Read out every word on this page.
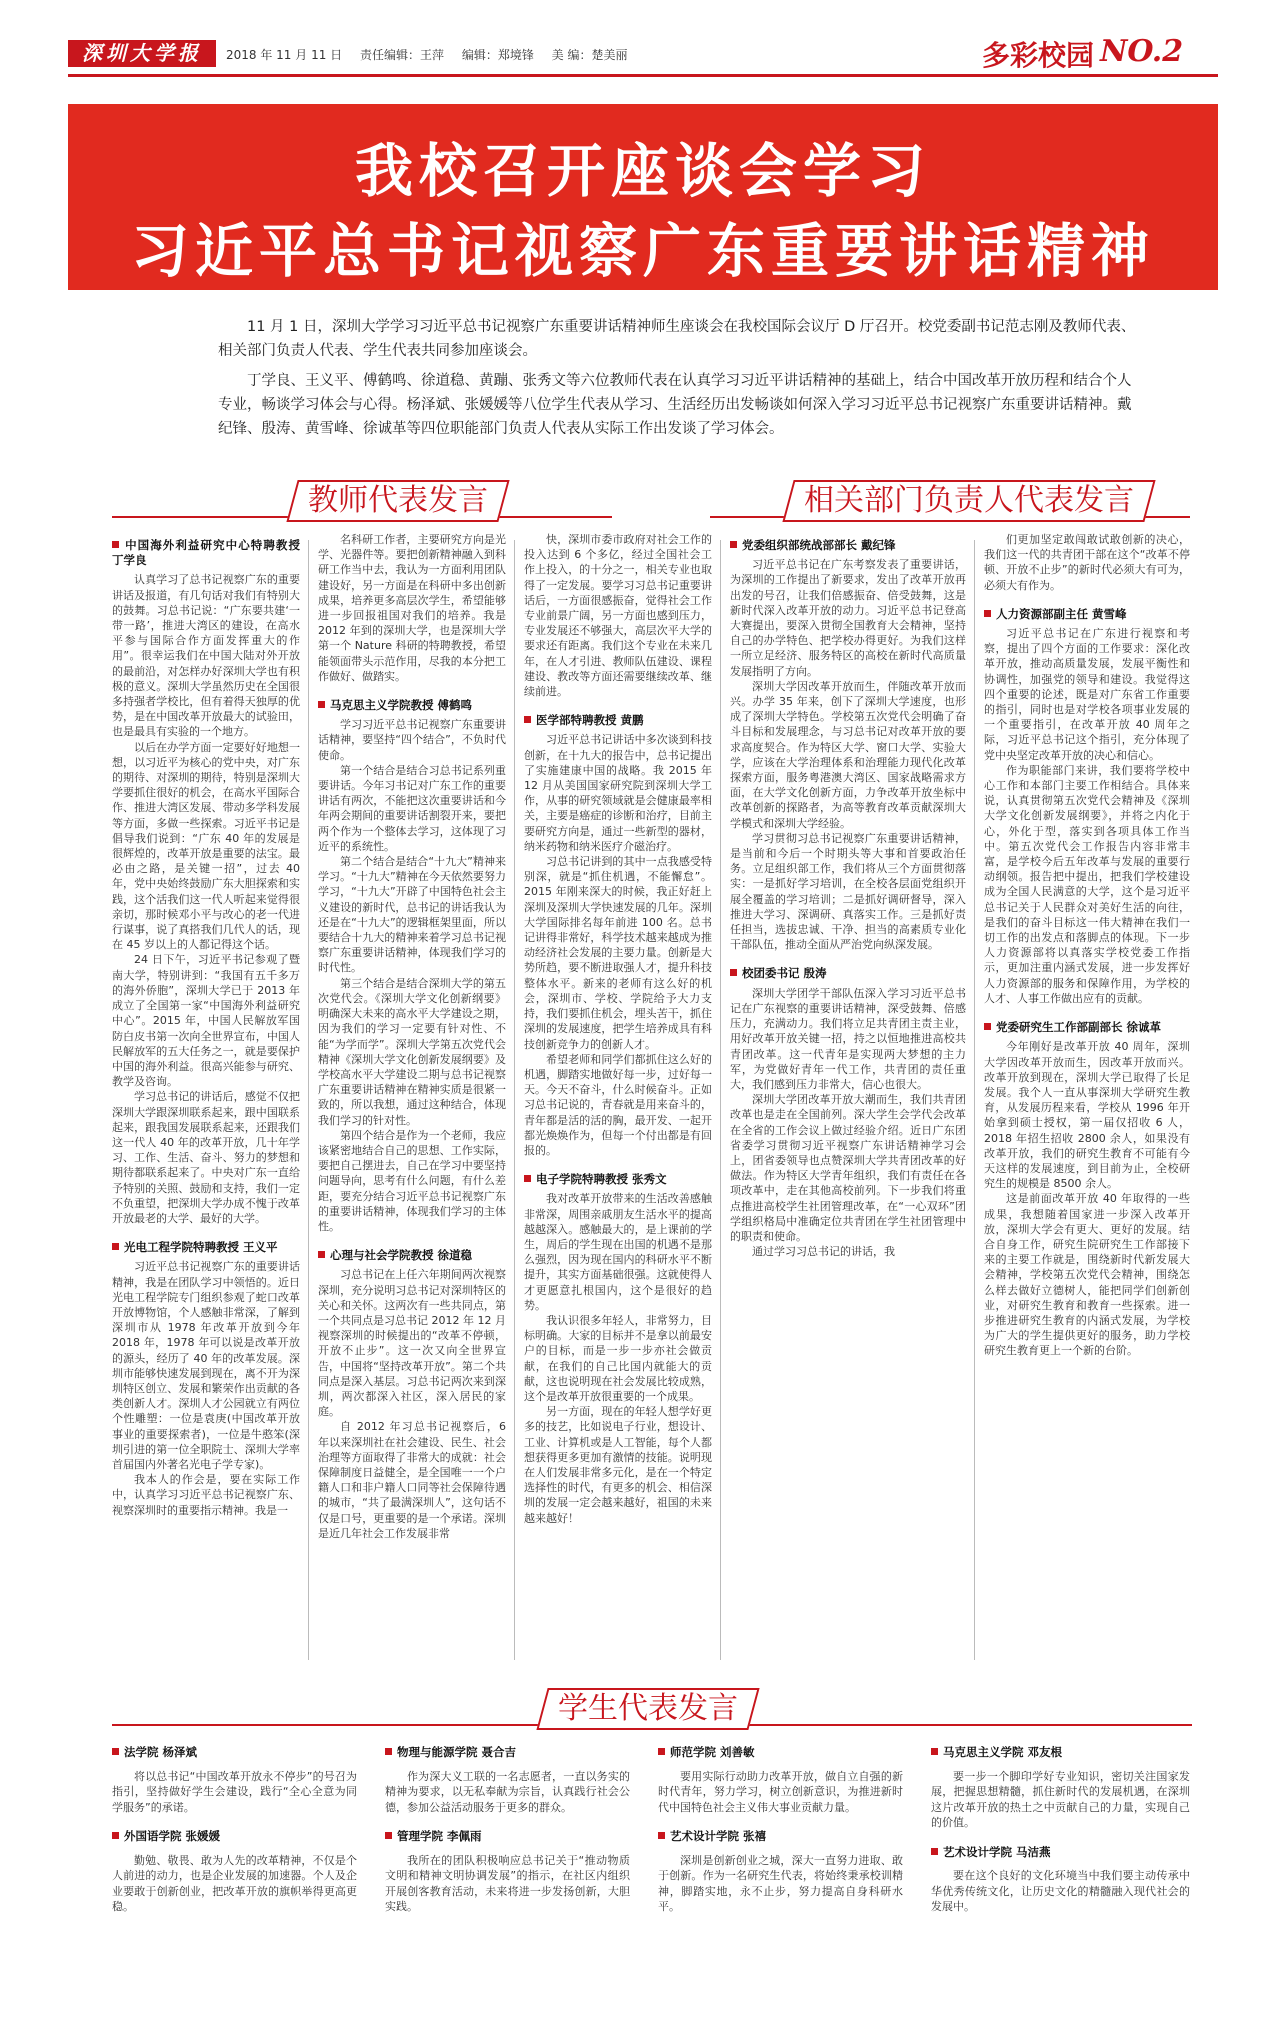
深圳大学报	2018 年 11 月 11 日 责任编辑：王萍 编辑：郑境锋 美 编：楚美丽	多彩校园 NO.2
我校召开座谈会学习
习近平总书记视察广东重要讲话精神

11 月 1 日，深圳大学学习习近平总书记视察广东重要讲话精神师生座谈会在我校国际会议厅 D 厅召开。校党委副书记范志刚及教师代表、相关部门负责人代表、学生代表共同参加座谈会。

丁学良、王义平、傅鹤鸣、徐道稳、黄蹦、张秀文等六位教师代表在认真学习习近平讲话精神的基础上，结合中国改革开放历程和结合个人专业，畅谈学习体会与心得。杨泽斌、张媛媛等八位学生代表从学习、生活经历出发畅谈如何深入学习习近平总书记视察广东重要讲话精神。戴纪锋、殷涛、黄雪峰、徐诚革等四位职能部门负责人代表从实际工作出发谈了学习体会。

教师代表发言	相关部门负责人代表发言
中国海外利益研究中心特聘教授 丁学良

认真学习了总书记视察广东的重要讲话及报道，有几句话对我们有特别大的鼓舞。习总书记说：“广东要共建‘一带一路’，推进大湾区的建设，在高水平参与国际合作方面发挥重大的作用”。很幸运我们在中国大陆对外开放的最前沿，对怎样办好深圳大学也有积极的意义。深圳大学虽然历史在全国很多持强者学校比，但有着得天独厚的优势，是在中国改革开放最大的试验田，也是最具有实验的一个地方。

以后在办学方面一定要好好地想一想，以习近平为核心的党中央，对广东的期待、对深圳的期待，特别是深圳大学要抓住很好的机会，在高水平国际合作、推进大湾区发展、带动多学科发展等方面，多做一些探索。习近平书记是倡导我们说到：“广东 40 年的发展是很辉煌的，改革开放是重要的法宝。最必由之路，是关键一招”，过去 40 年，党中央始终鼓励广东大胆探索和实践，这个活我们这一代人听起来觉得很亲切，那时候邓小平与改心的老一代进行谋事，说了真搭我们几代人的话，现在 45 岁以上的人都记得这个话。

24 日下午，习近平书记参观了暨南大学，特别讲到：“我国有五千多万的海外侨胞”，深圳大学已于 2013 年成立了全国第一家“中国海外利益研究中心”。2015 年，中国人民解放军国防白皮书第一次向全世界宣布，中国人民解放军的五大任务之一，就是要保护中国的海外利益。很高兴能参与研究、教学及咨询。

学习总书记的讲话后，感觉不仅把深圳大学跟深圳联系起来，跟中国联系起来，跟我国发展联系起来，还跟我们这一代人 40 年的改革开放，几十年学习、工作、生活、奋斗、努力的梦想和期待都联系起来了。中央对广东一直给予特别的关照、鼓励和支持，我们一定不负重望，把深圳大学办成不愧于改革开放最老的大学、最好的大学。

光电工程学院特聘教授 王义平

习近平总书记视察广东的重要讲话精神，我是在团队学习中领悟的。近日光电工程学院专门组织参观了蛇口改革开放博物馆，个人感触非常深，了解到深圳市从 1978 年改革开放到今年 2018 年，1978 年可以说是改革开放的源头，经历了 40 年的改革发展。深圳市能够快速发展到现在，离不开为深圳特区创立、发展和繁荣作出贡献的各类创新人才。深圳人才公园就立有两位个性雕塑：一位是袁庚(中国改革开放事业的重要探索者)，一位是牛憨笨(深圳引进的第一位全职院士、深圳大学率首届国内外著名光电子学专家)。

我本人的作会是，要在实际工作中，认真学习习近平总书记视察广东、视察深圳时的重要指示精神。我是一

名科研工作者，主要研究方向是光学、光器件等。要把创新精神融入到科研工作当中去，我认为一方面利用团队建设好，另一方面是在科研中多出创新成果，培养更多高层次学生，希望能够进一步回报祖国对我们的培养。我是 2012 年到的深圳大学，也是深圳大学第一个 Nature 科研的特聘教授，希望能领面带头示范作用，尽我的本分把工作做好、做踏实。

马克思主义学院教授 傅鹤鸣

学习习近平总书记视察广东重要讲话精神，要坚持“四个结合”，不负时代使命。

第一个结合是结合习总书记系列重要讲话。今年习书记对广东工作的重要讲话有两次，不能把这次重要讲话和今年两会期间的重要讲话割裂开来，要把两个作为一个整体去学习，这体现了习近平的系统性。

第二个结合是结合“十九大”精神来学习。“十九大”精神在今天依然要努力学习，“十九大”开辟了中国特色社会主义建设的新时代，总书记的讲话我认为还是在“十九大”的逻辑框架里面，所以要结合十九大的精神来着学习总书记视察广东重要讲话精神，体现我们学习的时代性。

第三个结合是结合深圳大学的第五次党代会。《深圳大学文化创新纲要》明确深大未来的高水平大学建设之期，因为我们的学习一定要有针对性、不能“为学而学”。深圳大学第五次党代会精神《深圳大学文化创新发展纲要》及学校高水平大学建设二期与总书记视察广东重要讲话精神在精神实质是很紧一致的，所以我想，通过这种结合，体现我们学习的针对性。

第四个结合是作为一个老师，我应该紧密地结合自己的思想、工作实际，要把自己摆进去，自己在学习中要坚持问题导向，思考有什么问题，有什么差距，要充分结合习近平总书记视察广东的重要讲话精神，体现我们学习的主体性。

心理与社会学院教授 徐道稳

习总书记在上任六年期间两次视察深圳，充分说明习总书记对深圳特区的关心和关怀。这两次有一些共同点，第一个共同点是习总书记 2012 年 12 月视察深圳的时候提出的“改革不停顿，开放不止步”。这一次又向全世界宣告，中国将“坚持改革开放”。第二个共同点是深入基层。习总书记两次来到深圳，两次都深入社区，深入居民的家庭。

自 2012 年习总书记视察后，6 年以来深圳社在社会建设、民生、社会治理等方面取得了非常大的成就：社会保障制度日益健全，是全国唯一一个户籍人口和非户籍人口同等社会保障待遇的城市，“共了最满深圳人”，这句话不仅是口号，更重要的是一个承诺。深圳是近几年社会工作发展非常

快，深圳市委市政府对社会工作的投入达到 6 个多亿，经过全国社会工作上投入，的十分之一，相关专业也取得了一定发展。要学习习总书记重要讲话后，一方面很感振奋，觉得社会工作专业前景广阔，另一方面也感到压力，专业发展还不够强大，高层次平大学的要求还有距离。我们这个专业在未来几年，在人才引进、教师队伍建设、课程建设、教改等方面还需要继续改革、继续前进。

医学部特聘教授 黄鹏

习近平总书记讲话中多次谈到科技创新，在十九大的报告中，总书记提出了实施建康中国的战略。我 2015 年 12 月从美国国家研究院到深圳大学工作，从事的研究领域就是会健康最率相关，主要是癌症的诊断和治疗，目前主要研究方向是，通过一些新型的器材，纳米药物和纳米医疗介磁治疗。

习总书记讲到的其中一点我感受特别深，就是“抓住机遇，不能懈怠”。2015 年刚来深大的时候，我正好赶上深圳及深圳大学快速发展的几年。深圳大学国际排名每年前进 100 名。总书记讲得非常好，科学技术越来越成为推动经济社会发展的主要力量。创新是大势所趋，要不断进取强人才，提升科技整体水平。新来的老师有这么好的机会，深圳市、学校、学院给予大力支持，我们要抓住机会，埋头苦干，抓住深圳的发展速度，把学生培养成具有科技创新竞争力的创新人才。

希望老师和同学们都抓住这么好的机遇，脚踏实地做好每一步，过好每一天。今天不奋斗，什么时候奋斗。正如习总书记说的，青春就是用来奋斗的，青年都是活的活的胸，最开发、一起开都光焕焕作为，但每一个付出都是有回报的。

电子学院特聘教授 张秀文

我对改革开放带来的生活改善感触非常深，周围亲戚朋友生活水平的提高越越深入。感触最大的，是上课前的学生，周后的学生现在出国的机遇不是那么强烈，因为现在国内的科研水平不断提升，其实方面基础很强。这就使得人才更愿意扎根国内，这个是很好的趋势。

我认识很多年轻人，非常努力，目标明确。大家的目标并不是拿以前最安户的目标，而是一步一步亦社会做贡献，在我们的自己比国内就能大的贡献，这也说明现在社会发展比较成熟，这个是改革开放很重要的一个成果。

另一方面，现在的年轻人想学好更多的技艺，比如说电子行业，想设计、工业、计算机或是人工智能，每个人都想获得更多更加有激情的技能。说明现在人们发展非常多元化，是在一个特定选择性的时代，有更多的机会、相信深圳的发展一定会越来越好，祖国的未来越来越好！

党委组织部统战部部长 戴纪锋

习近平总书记在广东考察发表了重要讲话，为深圳的工作提出了新要求，发出了改革开放再出发的号召，让我们倍感振奋、倍受鼓舞，这是新时代深入改革开放的动力。习近平总书记登高大赛提出，要深入贯彻全国教育大会精神，坚持自己的办学特色、把学校办得更好。为我们这样一所立足经济、服务特区的高校在新时代高质量发展指明了方向。

深圳大学因改革开放而生，伴随改革开放而兴。办学 35 年来，创下了深圳大学速度，也形成了深圳大学特色。学校第五次党代会明确了奋斗目标和发展理念，与习总书记对改革开放的要求高度契合。作为特区大学、窗口大学、实验大学，应该在大学治理体系和治理能力现代化改革探索方面，服务粤港澳大湾区、国家战略需求方面，在大学文化创新方面，力争改革开放坐标中改革创新的探路者，为高等教育改革贡献深圳大学模式和深圳大学经验。

学习贯彻习总书记视察广东重要讲话精神，是当前和今后一个时期头等大事和首要政治任务。立足组织部工作，我们将从三个方面贯彻落实：一是抓好学习培训，在全校各层面党组织开展全覆盖的学习培训；二是抓好调研督导，深入推进大学习、深调研、真落实工作。三是抓好责任担当，选拔忠诚、干净、担当的高素质专业化干部队伍，推动全面从严治党向纵深发展。

校团委书记 殷涛

深圳大学团学干部队伍深入学习习近平总书记在广东视察的重要讲话精神，深受鼓舞、倍感压力，充满动力。我们将立足共青团主责主业，用好改革开放关键一招，持之以恒地推进高校共青团改革。这一代青年是实现两大梦想的主力军，为党做好青年一代工作，共青团的责任重大，我们感到压力非常大，信心也很大。

深圳大学团改革开放大潮而生，我们共青团改革也是走在全国前列。深大学生会学代会改革在全省的工作会议上做过经验介绍。近日广东团省委学习贯彻习近平视察广东讲话精神学习会上，团省委领导也点赞深圳大学共青团改革的好做法。作为特区大学青年组织，我们有责任在各项改革中，走在其他高校前列。下一步我们将重点推进高校学生社团管理改革，在“一心双环”团学组织格局中准确定位共青团在学生社团管理中的职责和使命。

通过学习习总书记的讲话，我

们更加坚定敢闯敢试敢创新的决心，我们这一代的共青团干部在这个“改革不停顿、开放不止步”的新时代必须大有可为，必须大有作为。

人力资源部副主任 黄雪峰

习近平总书记在广东进行视察和考察，提出了四个方面的工作要求：深化改革开放，推动高质量发展，发展平衡性和协调性，加强党的领导和建设。我觉得这四个重要的论述，既是对广东省工作重要的指引，同时也是对学校各项事业发展的一个重要指引，在改革开放 40 周年之际，习近平总书记这个指引，充分体现了党中央坚定改革开放的决心和信心。

作为职能部门来讲，我们要将学校中心工作和本部门主要工作相结合。具体来说，认真贯彻第五次党代会精神及《深圳大学文化创新发展纲要》，并将之内化于心，外化于型，落实到各项具体工作当中。第五次党代会工作报告内容非常丰富，是学校今后五年改革与发展的重要行动纲领。报告把中提出，把我们学校建设成为全国人民满意的大学，这个是习近平总书记关于人民群众对美好生活的向往，是我们的奋斗目标这一伟大精神在我们一切工作的出发点和落脚点的体现。下一步人力资源部将以真落实学校党委工作指示，更加注重内涵式发展，进一步发挥好人力资源部的服务和保障作用，为学校的人才、人事工作做出应有的贡献。

党委研究生工作部副部长 徐诚革

今年刚好是改革开放 40 周年，深圳大学因改革开放而生，因改革开放而兴。改革开放到现在，深圳大学已取得了长足发展。我个人一直从事深圳大学研究生教育，从发展历程来看，学校从 1996 年开始拿到硕士授权，第一届仅招收 6 人，2018 年招生招收 2800 余人，如果没有改革开放，我们的研究生教育不可能有今天这样的发展速度，到目前为止，全校研究生的规模是 8500 余人。

这是前面改革开放 40 年取得的一些成果，我想随着国家进一步深入改革开放，深圳大学会有更大、更好的发展。结合自身工作，研究生院研究生工作部接下来的主要工作就是，围绕新时代新发展大会精神，学校第五次党代会精神，围绕怎么样去做好立德树人，能把同学们创新创业，对研究生教育和教育一些探索。进一步推进研究生教育的内涵式发展，为学校为广大的学生提供更好的服务，助力学校研究生教育更上一个新的台阶。

学生代表发言
法学院 杨泽斌

将以总书记“中国改革开放永不停步”的号召为指引，坚持做好学生会建设，践行“全心全意为同学服务”的承诺。

外国语学院 张媛媛

勤勉、敬畏、敢为人先的改革精神，不仅是个人前进的动力，也是企业发展的加速器。个人及企业要敢于创新创业，把改革开放的旗帜举得更高更稳。

物理与能源学院 聂合吉

作为深大义工联的一名志愿者，一直以务实的精神为要求，以无私奉献为宗旨，认真践行社会公德，参加公益活动服务于更多的群众。

管理学院 李佩雨

我所在的团队积极响应总书记关于“推动物质文明和精神文明协调发展”的指示，在社区内组织开展创客教育活动，未来将进一步发扬创新，大胆实践。

师范学院 刘善敏

要用实际行动助力改革开放，做自立自强的新时代青年，努力学习，树立创新意识，为推进新时代中国特色社会主义伟大事业贡献力量。

艺术设计学院 张禧

深圳是创新创业之城，深大一直努力进取、敢于创新。作为一名研究生代表，将始终秉承校训精神，脚踏实地，永不止步，努力提高自身科研水平。

马克思主义学院 邓友根

要一步一个脚印学好专业知识，密切关注国家发展，把握思想精髓，抓住新时代的发展机遇，在深圳这片改革开放的热土之中贡献自己的力量，实现自己的价值。

艺术设计学院 马洁燕

要在这个良好的文化环境当中我们要主动传承中华优秀传统文化，让历史文化的精髓融入现代社会的发展中。
